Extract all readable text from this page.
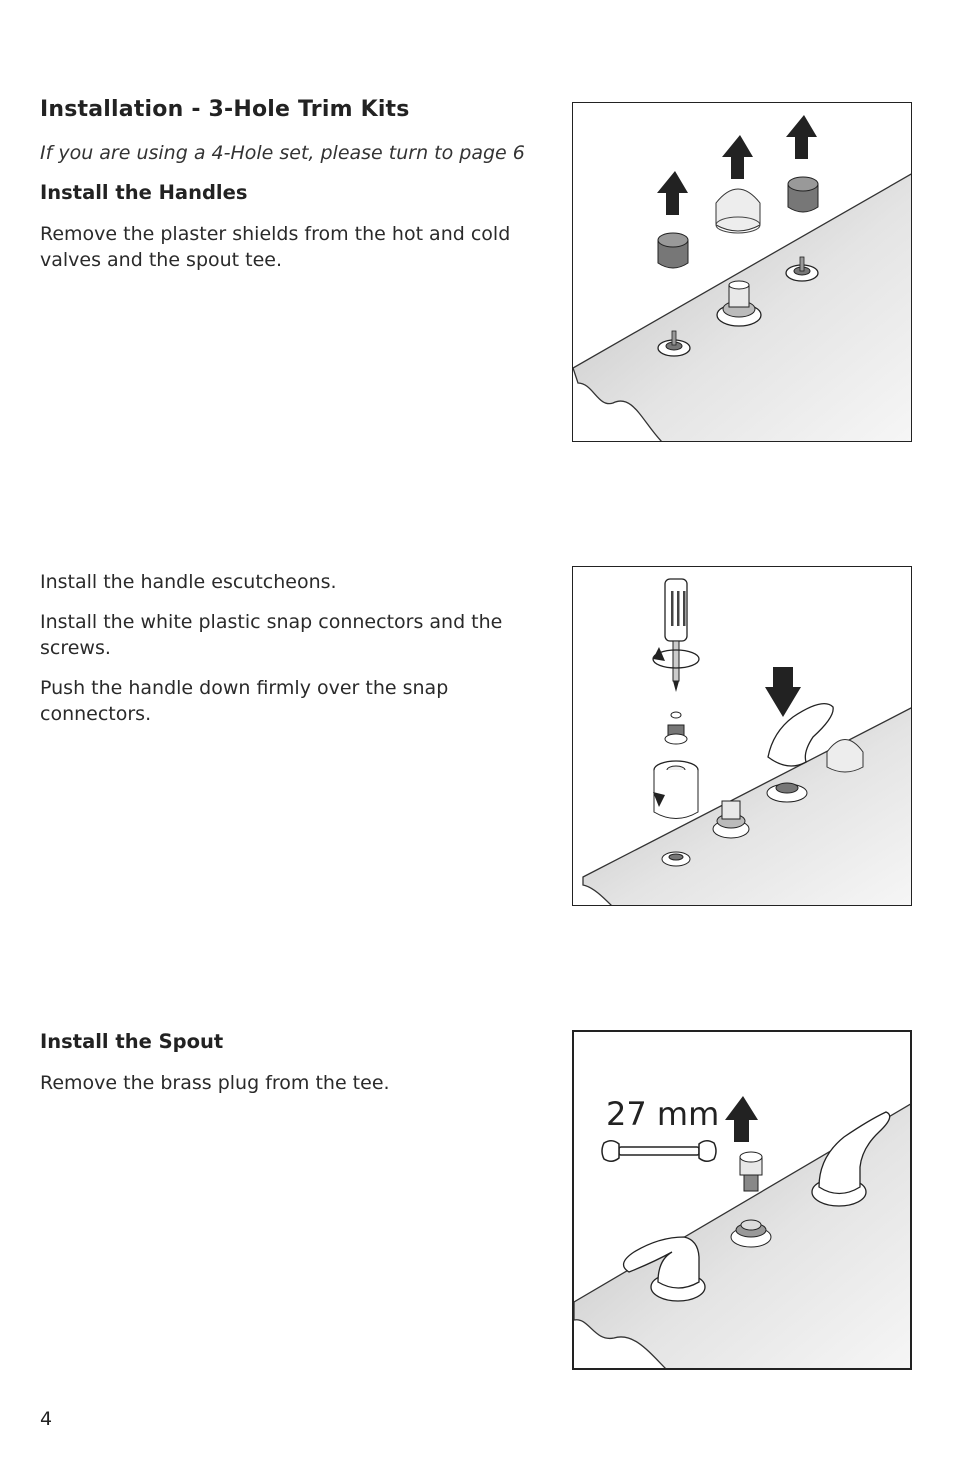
Installation - 3-Hole Trim Kits

If you are using a 4-Hole set, please turn to page 6

Install the Handles

Remove the plaster shields from the hot and cold valves and the spout tee.

Install the handle escutcheons.

Install the white plastic snap connectors and the screws.

Push the handle down firmly over the snap connectors.

Install the Spout

Remove the brass plug from the tee.

27 mm
4
